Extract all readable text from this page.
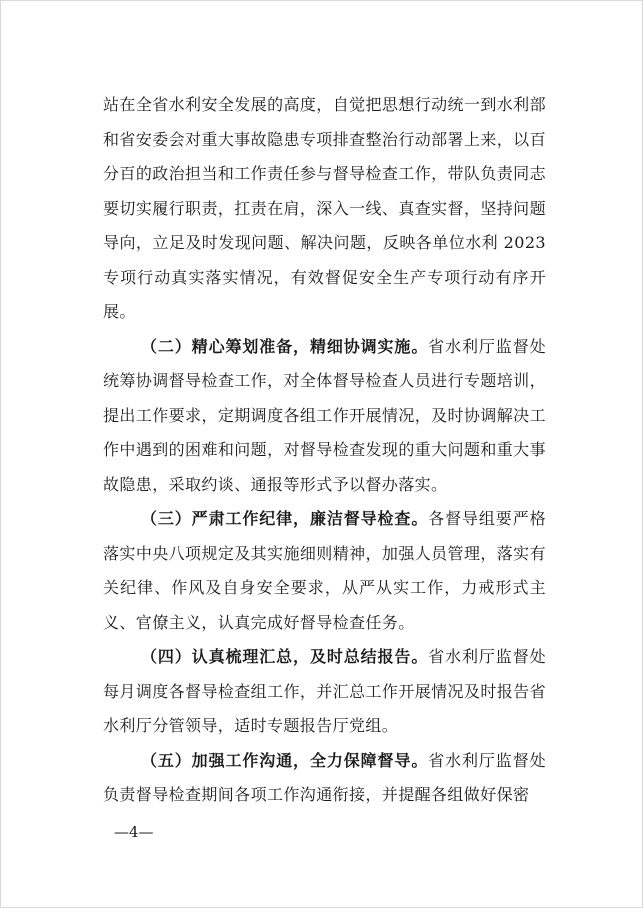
站在全省水利安全发展的高度，自觉把思想行动统一到水利部和省安委会对重大事故隐患专项排查整治行动部署上来，以百分百的政治担当和工作责任参与督导检查工作，带队负责同志要切实履行职责，扛责在肩，深入一线、真查实督，坚持问题导向，立足及时发现问题、解决问题，反映各单位水利 2023 专项行动真实落实情况，有效督促安全生产专项行动有序开展。

（二）精心筹划准备，精细协调实施。省水利厅监督处统筹协调督导检查工作，对全体督导检查人员进行专题培训，提出工作要求，定期调度各组工作开展情况，及时协调解决工作中遇到的困难和问题，对督导检查发现的重大问题和重大事故隐患，采取约谈、通报等形式予以督办落实。

（三）严肃工作纪律，廉洁督导检查。各督导组要严格落实中央八项规定及其实施细则精神，加强人员管理，落实有关纪律、作风及自身安全要求，从严从实工作，力戒形式主义、官僚主义，认真完成好督导检查任务。

（四）认真梳理汇总，及时总结报告。省水利厅监督处每月调度各督导检查组工作，并汇总工作开展情况及时报告省水利厅分管领导，适时专题报告厅党组。

（五）加强工作沟通，全力保障督导。省水利厅监督处负责督导检查期间各项工作沟通衔接，并提醒各组做好保密

—4—
